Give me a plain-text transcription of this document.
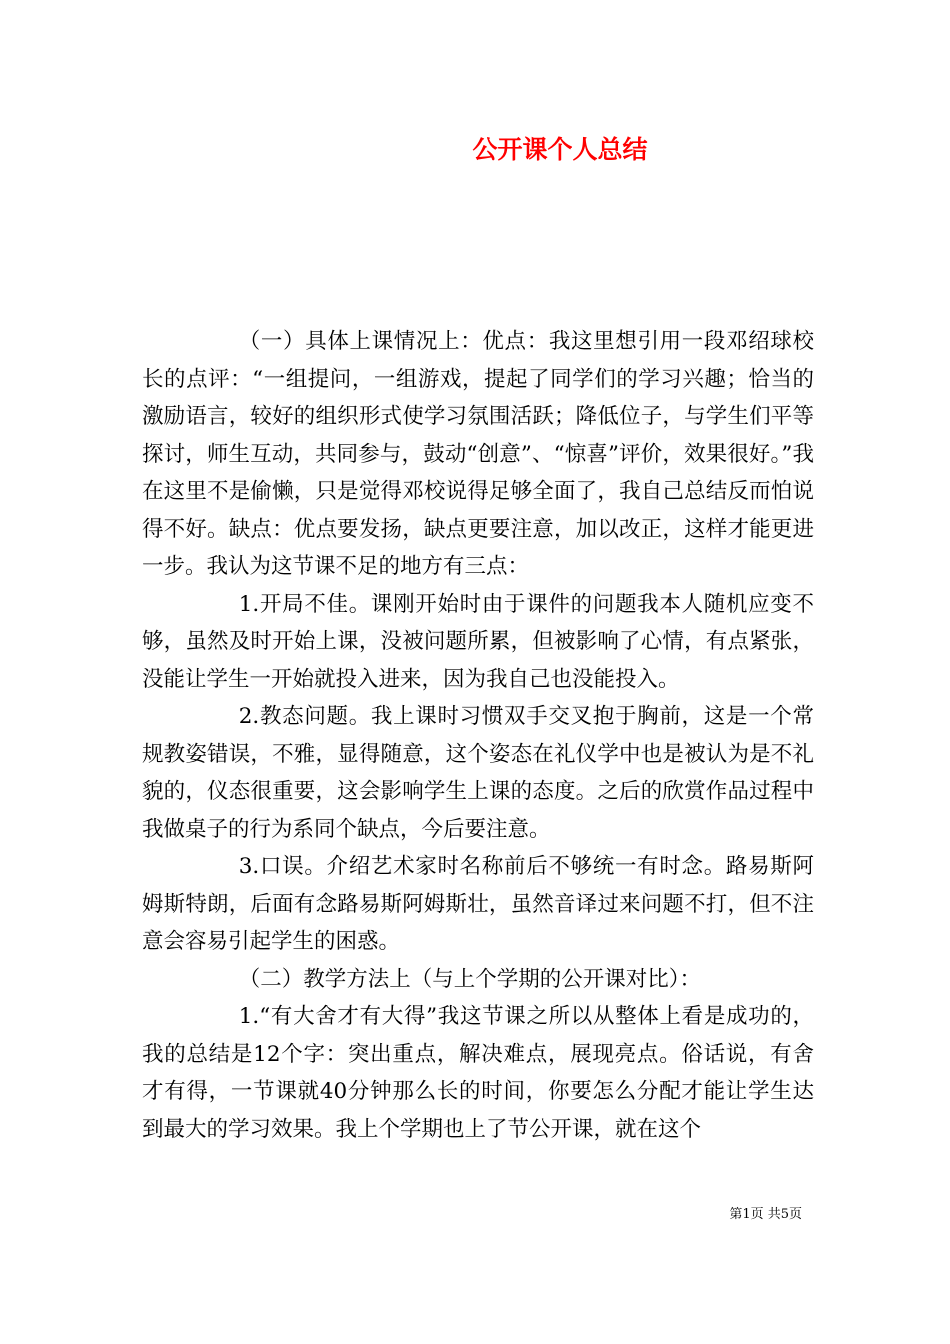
公开课个人总结

（一）具体上课情况上：优点：我这里想引用一段邓绍球校长的点评：“一组提问，一组游戏，提起了同学们的学习兴趣；恰当的激励语言，较好的组织形式使学习氛围活跃；降低位子，与学生们平等探讨，师生互动，共同参与，鼓动“创意”、“惊喜”评价，效果很好。”我在这里不是偷懒，只是觉得邓校说得足够全面了，我自己总结反而怕说得不好。缺点：优点要发扬，缺点更要注意，加以改正，这样才能更进一步。我认为这节课不足的地方有三点：

1.开局不佳。课刚开始时由于课件的问题我本人随机应变不够，虽然及时开始上课，没被问题所累，但被影响了心情，有点紧张，没能让学生一开始就投入进来，因为我自己也没能投入。

2.教态问题。我上课时习惯双手交叉抱于胸前，这是一个常规教姿错误，不雅，显得随意，这个姿态在礼仪学中也是被认为是不礼貌的，仪态很重要，这会影响学生上课的态度。之后的欣赏作品过程中我做桌子的行为系同个缺点，今后要注意。

3.口误。介绍艺术家时名称前后不够统一有时念。路易斯阿姆斯特朗，后面有念路易斯阿姆斯壮，虽然音译过来问题不打，但不注意会容易引起学生的困惑。

（二）教学方法上（与上个学期的公开课对比）：

1.“有大舍才有大得”我这节课之所以从整体上看是成功的，我的总结是12个字：突出重点，解决难点，展现亮点。俗话说，有舍才有得，一节课就40分钟那么长的时间，你要怎么分配才能让学生达到最大的学习效果。我上个学期也上了节公开课，就在这个

第1页 共5页
